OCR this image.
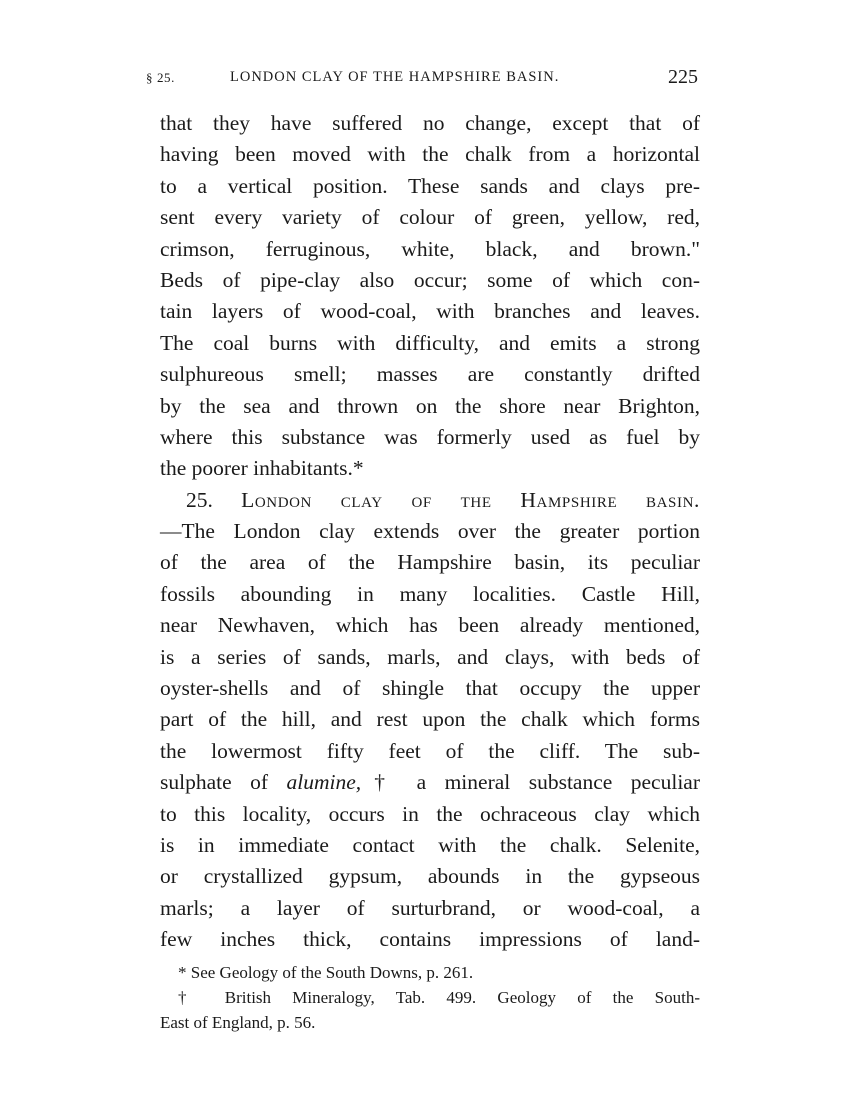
§ 25.	LONDON CLAY OF THE HAMPSHIRE BASIN.	225
that they have suffered no change, except that of
having been moved with the chalk from a horizontal
to a vertical position. These sands and clays pre-
sent every variety of colour of green, yellow, red,
crimson, ferruginous, white, black, and brown."
Beds of pipe-clay also occur; some of which con-
tain layers of wood-coal, with branches and leaves.
The coal burns with difficulty, and emits a strong
sulphureous smell; masses are constantly drifted
by the sea and thrown on the shore near Brighton,
where this substance was formerly used as fuel by
the poorer inhabitants.*
25. London clay of the Hampshire basin.
—The London clay extends over the greater portion
of the area of the Hampshire basin, its peculiar
fossils abounding in many localities. Castle Hill,
near Newhaven, which has been already mentioned,
is a series of sands, marls, and clays, with beds of
oyster-shells and of shingle that occupy the upper
part of the hill, and rest upon the chalk which forms
the lowermost fifty feet of the cliff. The sub-
sulphate of alumine,† a mineral substance peculiar
to this locality, occurs in the ochraceous clay which
is in immediate contact with the chalk. Selenite,
or crystallized gypsum, abounds in the gypseous
marls; a layer of surturbrand, or wood-coal, a
few inches thick, contains impressions of land-
* See Geology of the South Downs, p. 261.
† British Mineralogy, Tab. 499. Geology of the South-
East of England, p. 56.
